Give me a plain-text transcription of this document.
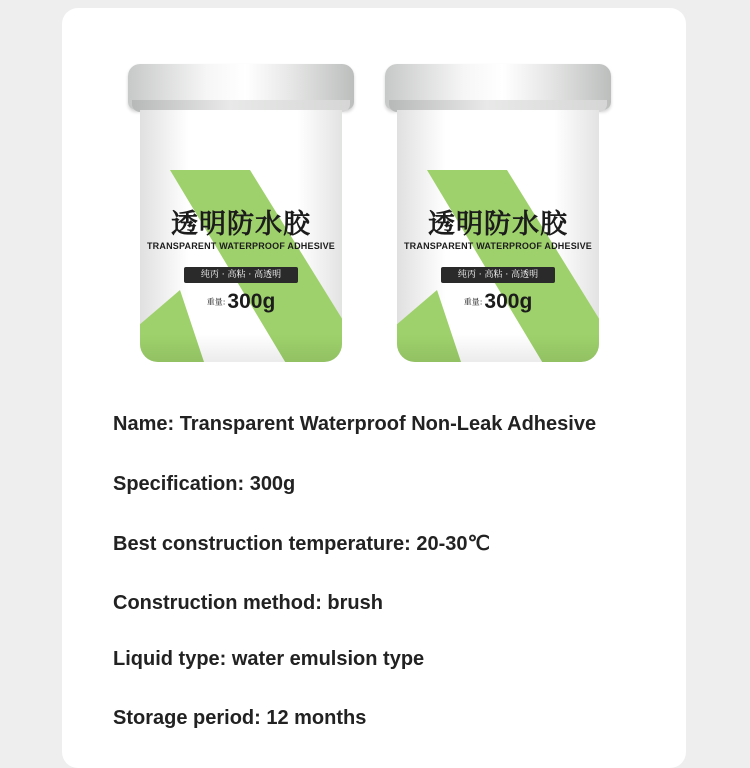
透明防水胶
TRANSPARENT WATERPROOF ADHESIVE
纯丙 · 高粘 · 高透明
重量:300g
透明防水胶
TRANSPARENT WATERPROOF ADHESIVE
纯丙 · 高粘 · 高透明
重量:300g
Name: Transparent Waterproof Non-Leak Adhesive
Specification: 300g
Best construction temperature: 20-30℃
Construction method: brush
Liquid type: water emulsion type
Storage period: 12 months
